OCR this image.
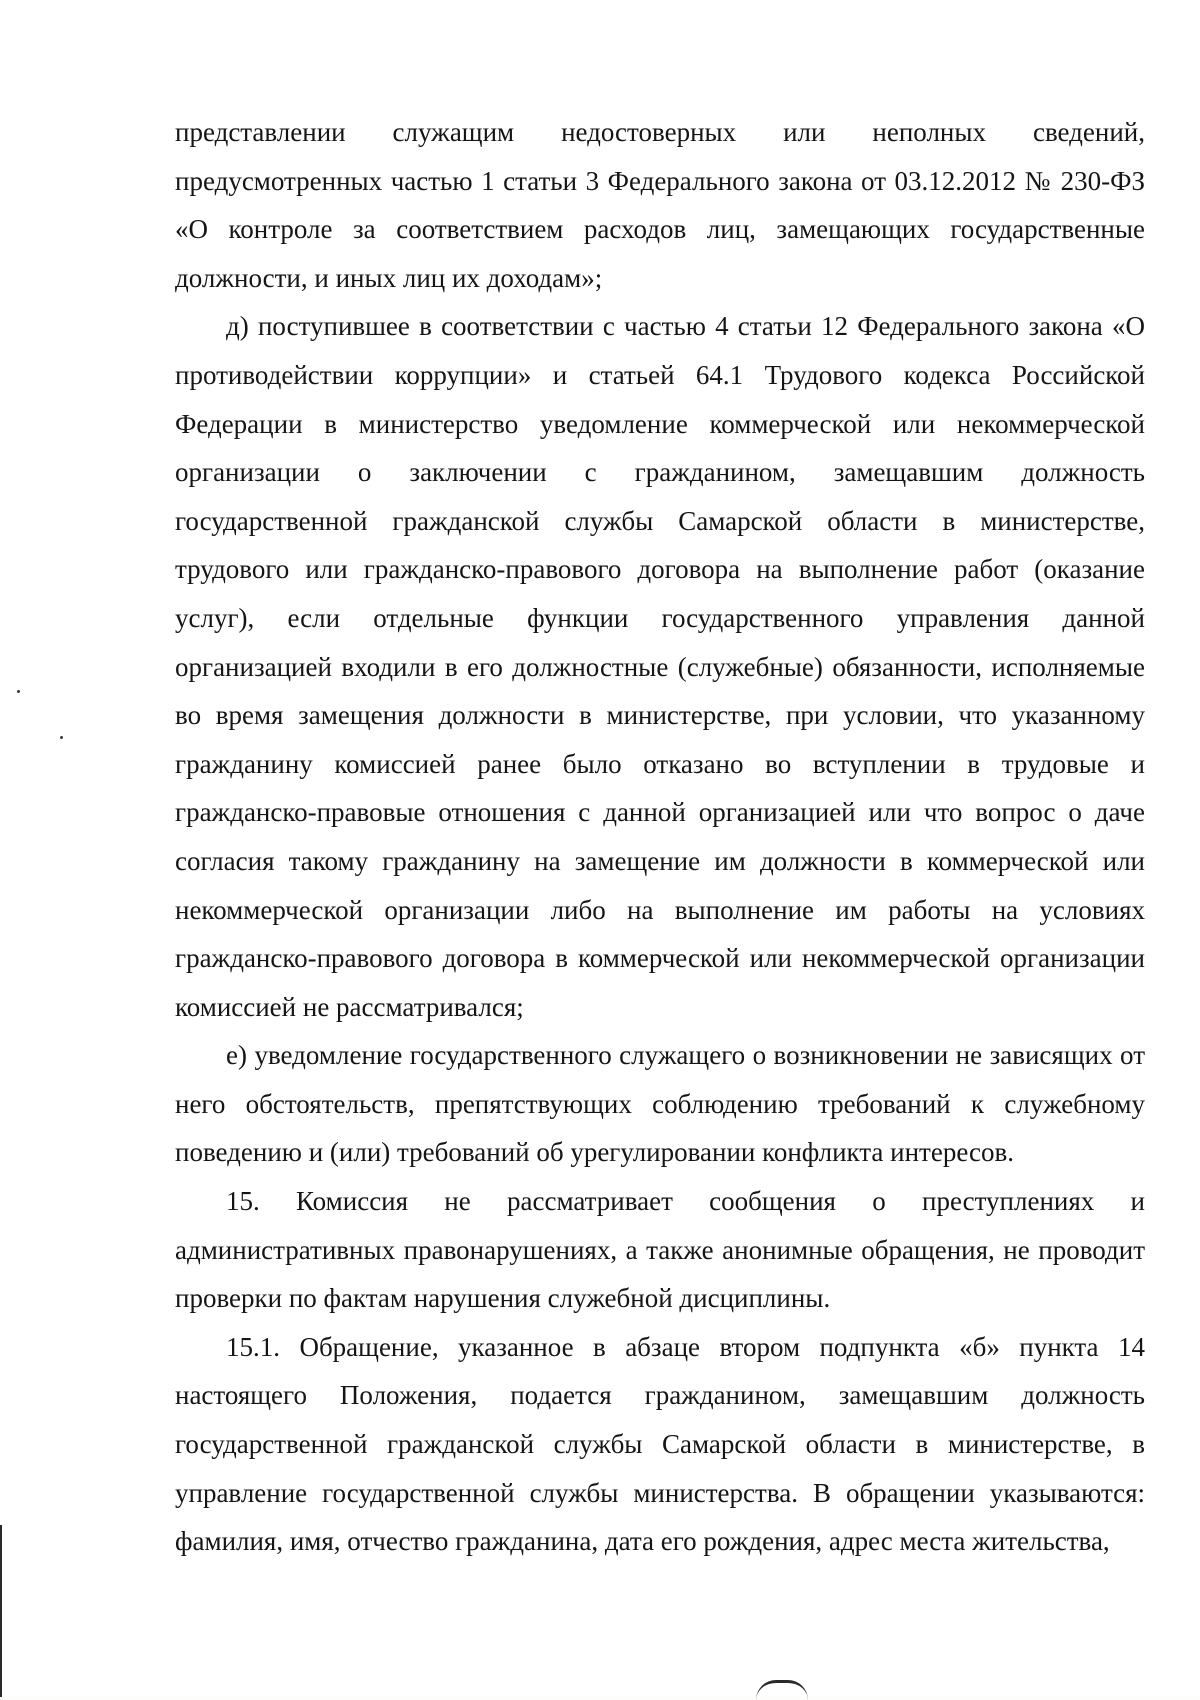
представлении служащим недостоверных или неполных сведений, предусмотренных частью 1 статьи 3 Федерального закона от 03.12.2012 № 230-ФЗ «О контроле за соответствием расходов лиц, замещающих государственные должности, и иных лиц их доходам»;

д) поступившее в соответствии с частью 4 статьи 12 Федерального закона «О противодействии коррупции» и статьей 64.1 Трудового кодекса Российской Федерации в министерство уведомление коммерческой или некоммерческой организации о заключении с гражданином, замещавшим должность государственной гражданской службы Самарской области в министерстве, трудового или гражданско-правового договора на выполнение работ (оказание услуг), если отдельные функции государственного управления данной организацией входили в его должностные (служебные) обязанности, исполняемые во время замещения должности в министерстве, при условии, что указанному гражданину комиссией ранее было отказано во вступлении в трудовые и гражданско-правовые отношения с данной организацией или что вопрос о даче согласия такому гражданину на замещение им должности в коммерческой или некоммерческой организации либо на выполнение им работы на условиях гражданско-правового договора в коммерческой или некоммерческой организации комиссией не рассматривался;

е) уведомление государственного служащего о возникновении не зависящих от него обстоятельств, препятствующих соблюдению требований к служебному поведению и (или) требований об урегулировании конфликта интересов.

15. Комиссия не рассматривает сообщения о преступлениях и административных правонарушениях, а также анонимные обращения, не проводит проверки по фактам нарушения служебной дисциплины.

15.1. Обращение, указанное в абзаце втором подпункта «б» пункта 14 настоящего Положения, подается гражданином, замещавшим должность государственной гражданской службы Самарской области в министерстве, в управление государственной службы министерства. В обращении указываются: фамилия, имя, отчество гражданина, дата его рождения, адрес места жительства,
